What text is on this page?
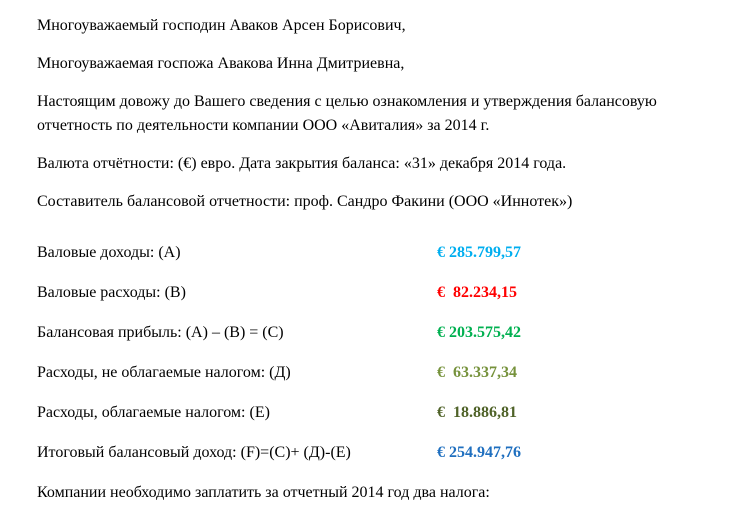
Многоуважаемый господин Аваков Арсен Борисович,

Многоуважаемая госпожа Авакова Инна Дмитриевна,

Настоящим довожу до Вашего сведения с целью ознакомления и утверждения балансовую отчетность по деятельности компании ООО «Авиталия» за 2014 г.

Валюта отчётности: (€) евро. Дата закрытия баланса: «31» декабря 2014 года.

Составитель балансовой отчетности: проф. Сандро Факини (ООО «Иннотек»)

Валовые доходы: (А)	€ 285.799,57
Валовые расходы: (В)	€  82.234,15
Балансовая прибыль: (А) – (В) = (С)	€ 203.575,42
Расходы, не облагаемые налогом: (Д)	€  63.337,34
Расходы, облагаемые налогом: (Е)	€  18.886,81
Итоговый балансовый доход: (F)=(С)+ (Д)-(Е)	€ 254.947,76

Компании необходимо заплатить за отчетный 2014 год два налога:
